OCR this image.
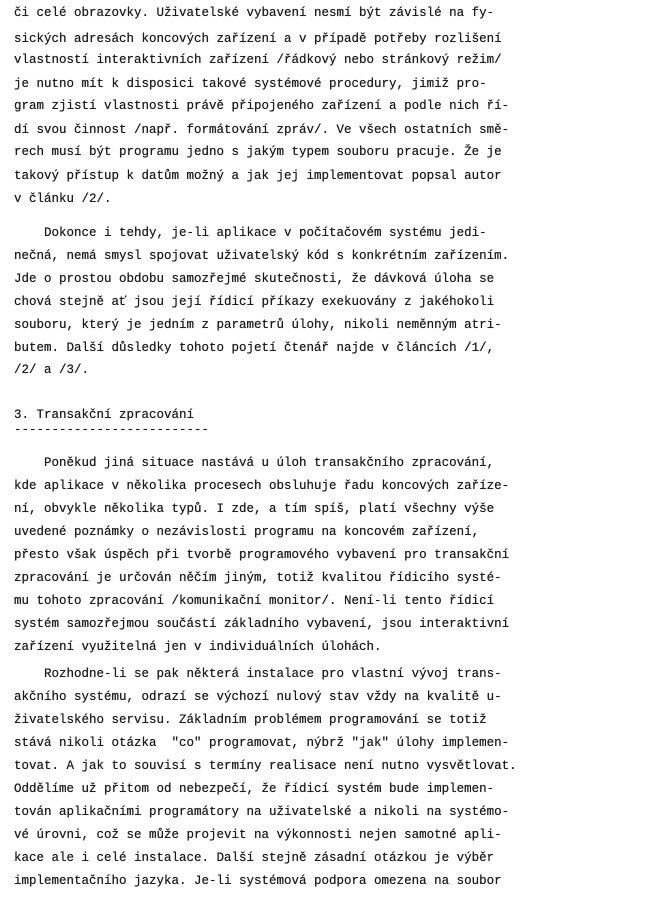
či celé obrazovky. Uživatelské vybavení nesmí být závislé na fy-
sických adresách koncových zařízení a v případě potřeby rozlišení
vlastností interaktivních zařízení /řádkový nebo stránkový režim/
je nutno mít k disposici takové systémové procedury, jimiž pro-
gram zjistí vlastnosti právě připojeného zařízení a podle nich ří-
dí svou činnost /např. formátování zpráv/. Ve všech ostatních smě-
rech musí být programu jedno s jakým typem souboru pracuje. Že je
takový přístup k datům možný a jak jej implementovat popsal autor
v článku /2/.
Dokonce i tehdy, je-li aplikace v počítačovém systému jedi-
nečná, nemá smysl spojovat uživatelský kód s konkrétním zařízením.
Jde o prostou obdobu samozřejmé skutečnosti, že dávková úloha se
chová stejně ať jsou její řídicí příkazy exekuovány z jakéhokoli
souboru, který je jedním z parametrů úlohy, nikoli neměnným atri-
butem. Další důsledky tohoto pojetí čtenář najde v článcích /1/,
/2/ a /3/.
3. Transakční zpracování
--------------------------
Poněkud jiná situace nastává u úloh transakčního zpracování,
kde aplikace v několika procesech obsluhuje řadu koncových zaříze-
ní, obvykle několika typů. I zde, a tím spíš, platí všechny výše
uvedené poznámky o nezávislosti programu na koncovém zařízení,
přesto však úspěch při tvorbě programového vybavení pro transakční
zpracování je určován něčím jiným, totiž kvalitou řídicího systé-
mu tohoto zpracování /komunikační monitor/. Není-li tento řídicí
systém samozřejmou součástí základního vybavení, jsou interaktivní
zařízení využitelná jen v individuálních úlohách.
Rozhodne-li se pak některá instalace pro vlastní vývoj trans-
akčního systému, odrazí se výchozí nulový stav vždy na kvalitě u-
živatelského servisu. Základním problémem programování se totiž
stává nikoli otázka  "co" programovat, nýbrž "jak" úlohy implemen-
tovat. A jak to souvisí s termíny realisace není nutno vysvětlovat.
Oddělíme už přitom od nebezpečí, že řídicí systém bude implemen-
tován aplikačními programátory na uživatelské a nikoli na systémo-
vé úrovni, což se může projevit na výkonnosti nejen samotné apli-
kace ale i celé instalace. Další stejně zásadní otázkou je výběr
implementačního jazyka. Je-li systémová podpora omezena na soubor
